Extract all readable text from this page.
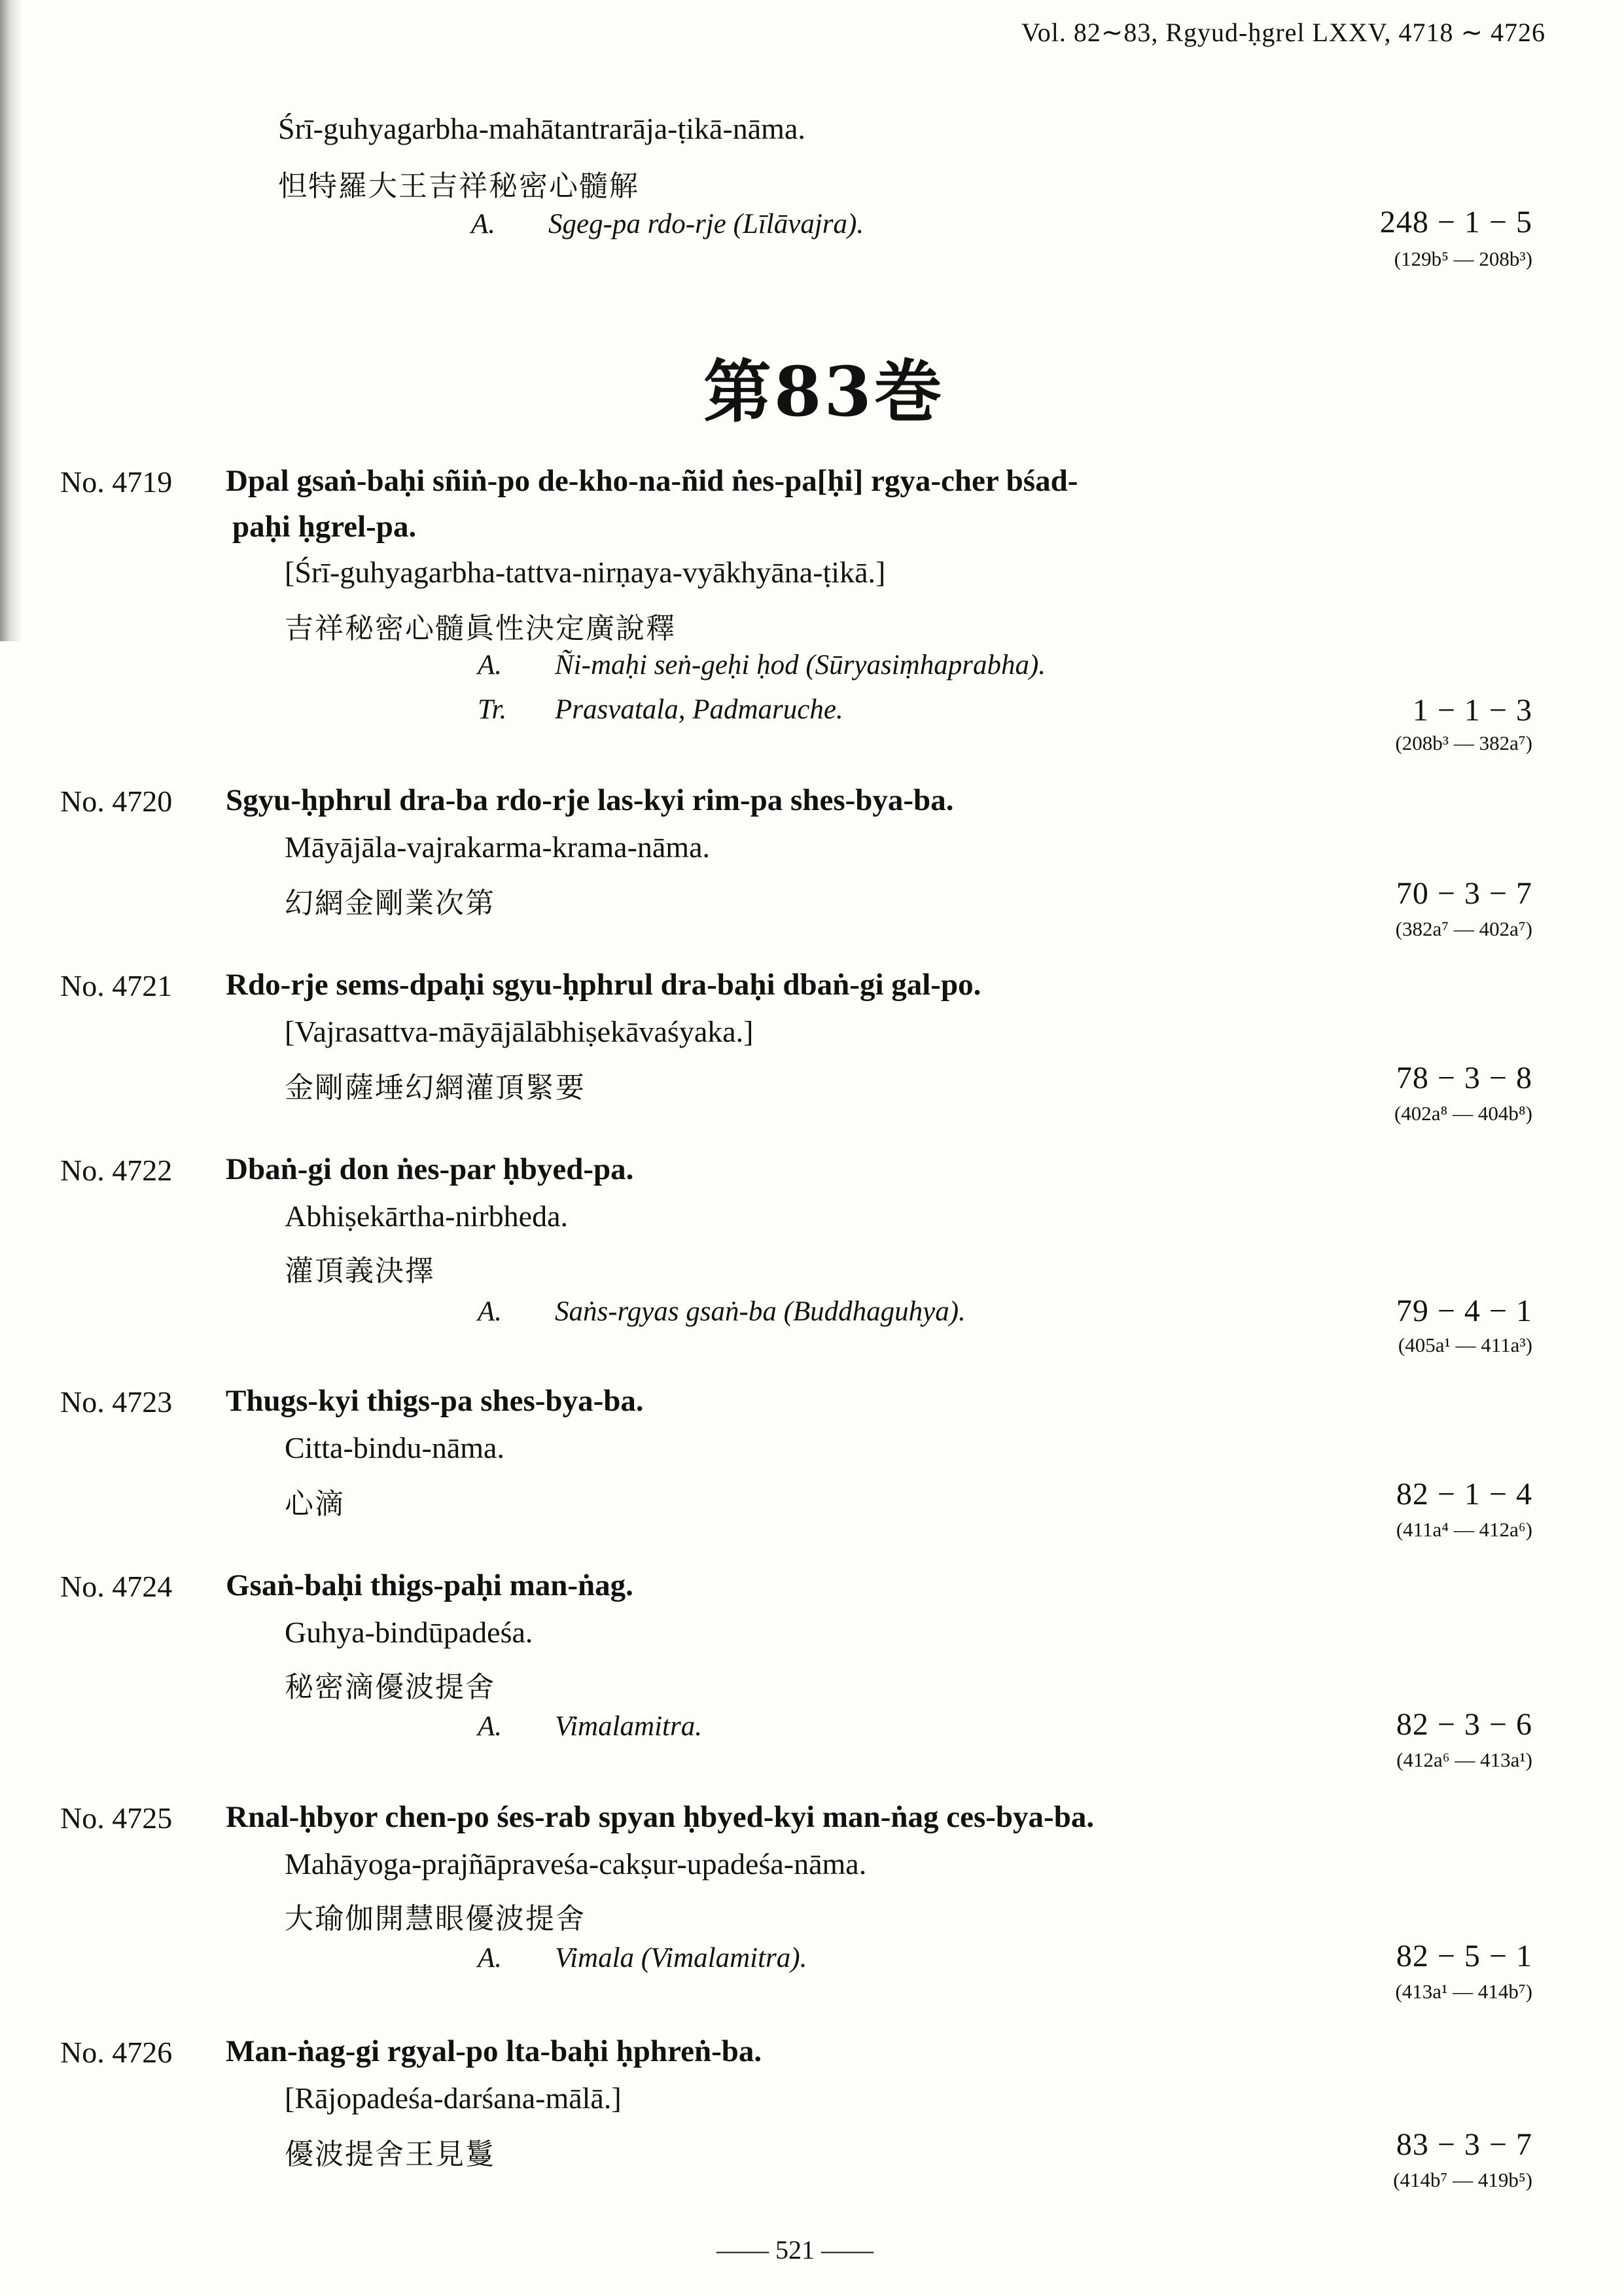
Vol. 82∼83, Rgyud-ḥgrel LXXV, 4718 ∼ 4726
Śrī-guhyagarbha-mahātantrarāja-ṭikā-nāma.
怛特羅大王吉祥秘密心髓解
A. Sgeg-pa rdo-rje (Līlāvajra).	248 − 1 − 5
(129b⁵ — 208b³)
第83巻
No. 4719 Dpal gsaṅ-baḥi sñiṅ-po de-kho-na-ñid ṅes-pa[ḥi] rgya-cher bśad-
paḥi ḥgrel-pa.
[Śrī-guhyagarbha-tattva-nirṇaya-vyākhyāna-ṭikā.]
吉祥秘密心髓眞性決定廣說釋
A. Ñi-maḥi seṅ-geḥi ḥod (Sūryasiṃhaprabha).
Tr. Prasvatala, Padmaruche.	1 − 1 − 3
(208b³ — 382a⁷)
No. 4720 Sgyu-ḥphrul dra-ba rdo-rje las-kyi rim-pa shes-bya-ba.
Māyājāla-vajrakarma-krama-nāma.
幻網金剛業次第	70 − 3 − 7
(382a⁷ — 402a⁷)
No. 4721 Rdo-rje sems-dpaḥi sgyu-ḥphrul dra-baḥi dbaṅ-gi gal-po.
[Vajrasattva-māyājālābhiṣekāvaśyaka.]
金剛薩埵幻網灌頂緊要	78 − 3 − 8
(402a⁸ — 404b⁸)
No. 4722 Dbaṅ-gi don ṅes-par ḥbyed-pa.
Abhiṣekārtha-nirbheda.
灌頂義決擇
A. Saṅs-rgyas gsaṅ-ba (Buddhaguhya).	79 − 4 − 1
(405a¹ — 411a³)
No. 4723 Thugs-kyi thigs-pa shes-bya-ba.
Citta-bindu-nāma.
心滴	82 − 1 − 4
(411a⁴ — 412a⁶)
No. 4724 Gsaṅ-baḥi thigs-paḥi man-ṅag.
Guhya-bindūpadeśa.
秘密滴優波提舍
A. Vimalamitra.	82 − 3 − 6
(412a⁶ — 413a¹)
No. 4725 Rnal-ḥbyor chen-po śes-rab spyan ḥbyed-kyi man-ṅag ces-bya-ba.
Mahāyoga-prajñāpraveśa-cakṣur-upadeśa-nāma.
大瑜伽開慧眼優波提舍
A. Vimala (Vimalamitra).	82 − 5 − 1
(413a¹ — 414b⁷)
No. 4726 Man-ṅag-gi rgyal-po lta-baḥi ḥphreṅ-ba.
[Rājopadeśa-darśana-mālā.]
優波提舍王見鬘	83 − 3 − 7
(414b⁷ — 419b⁵)
—— 521 ——
